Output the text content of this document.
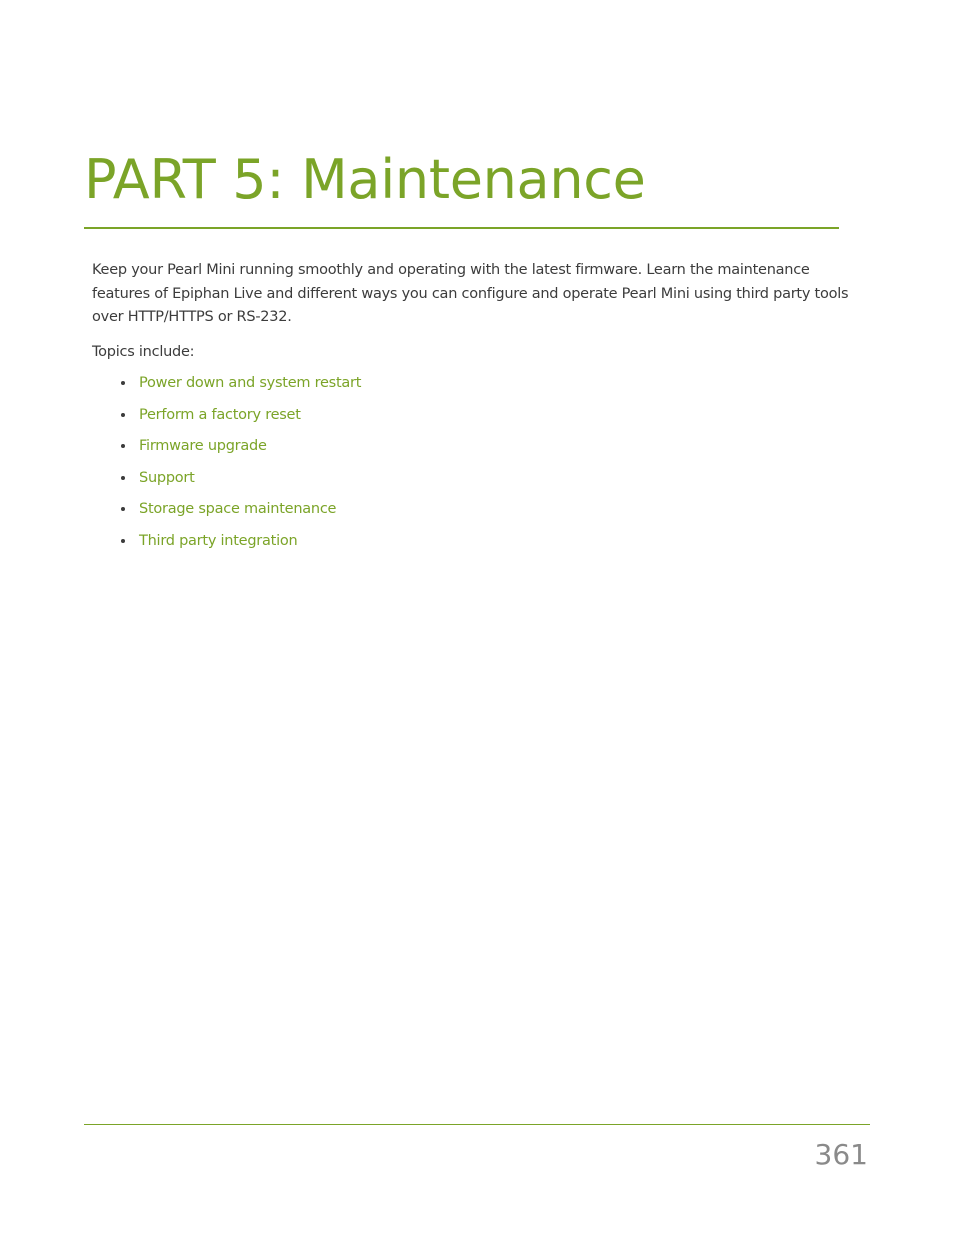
PART 5: Maintenance

Keep your Pearl Mini running smoothly and operating with the latest firmware. Learn the maintenance features of Epiphan Live and different ways you can configure and operate Pearl Mini using third party tools over HTTP/HTTPS or RS-232.

Topics include:

Power down and system restart
Perform a factory reset
Firmware upgrade
Support
Storage space maintenance
Third party integration
361
